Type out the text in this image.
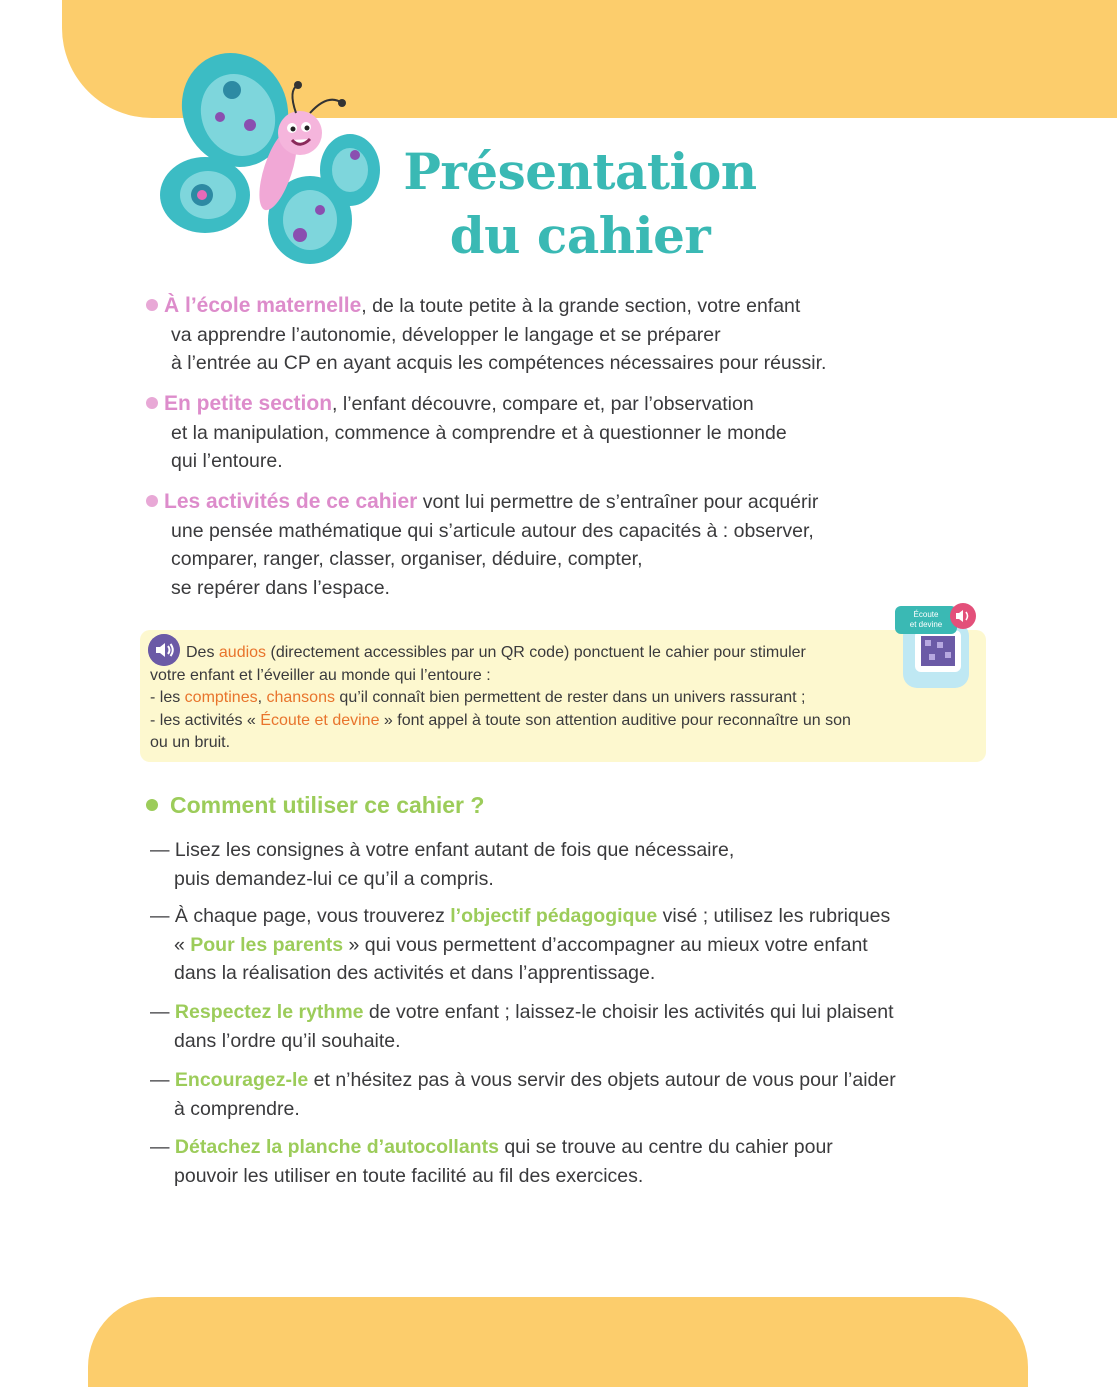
Présentation
du cahier
À l’école maternelle, de la toute petite à la grande section, votre enfant
va apprendre l’autonomie, développer le langage et se préparer
à l’entrée au CP en ayant acquis les compétences nécessaires pour réussir.
En petite section, l’enfant découvre, compare et, par l’observation
et la manipulation, commence à comprendre et à questionner le monde
qui l’entoure.
Les activités de ce cahier vont lui permettre de s’entraîner pour acquérir
une pensée mathématique qui s’articule autour des capacités à : observer,
comparer, ranger, classer, organiser, déduire, compter,
se repérer dans l’espace.
Des audios (directement accessibles par un QR code) ponctuent le cahier pour stimuler
votre enfant et l’éveiller au monde qui l’entoure :
- les comptines, chansons qu’il connaît bien permettent de rester dans un univers rassurant ;
- les activités « Écoute et devine » font appel à toute son attention auditive pour reconnaître un son
ou un bruit.
Écoute
et devine
Comment utiliser ce cahier ?
— Lisez les consignes à votre enfant autant de fois que nécessaire,
puis demandez-lui ce qu’il a compris.
— À chaque page, vous trouverez l’objectif pédagogique visé ; utilisez les rubriques
« Pour les parents » qui vous permettent d’accompagner au mieux votre enfant
dans la réalisation des activités et dans l’apprentissage.
— Respectez le rythme de votre enfant ; laissez-le choisir les activités qui lui plaisent
dans l’ordre qu’il souhaite.
— Encouragez-le et n’hésitez pas à vous servir des objets autour de vous pour l’aider
à comprendre.
— Détachez la planche d’autocollants qui se trouve au centre du cahier pour
pouvoir les utiliser en toute facilité au fil des exercices.
